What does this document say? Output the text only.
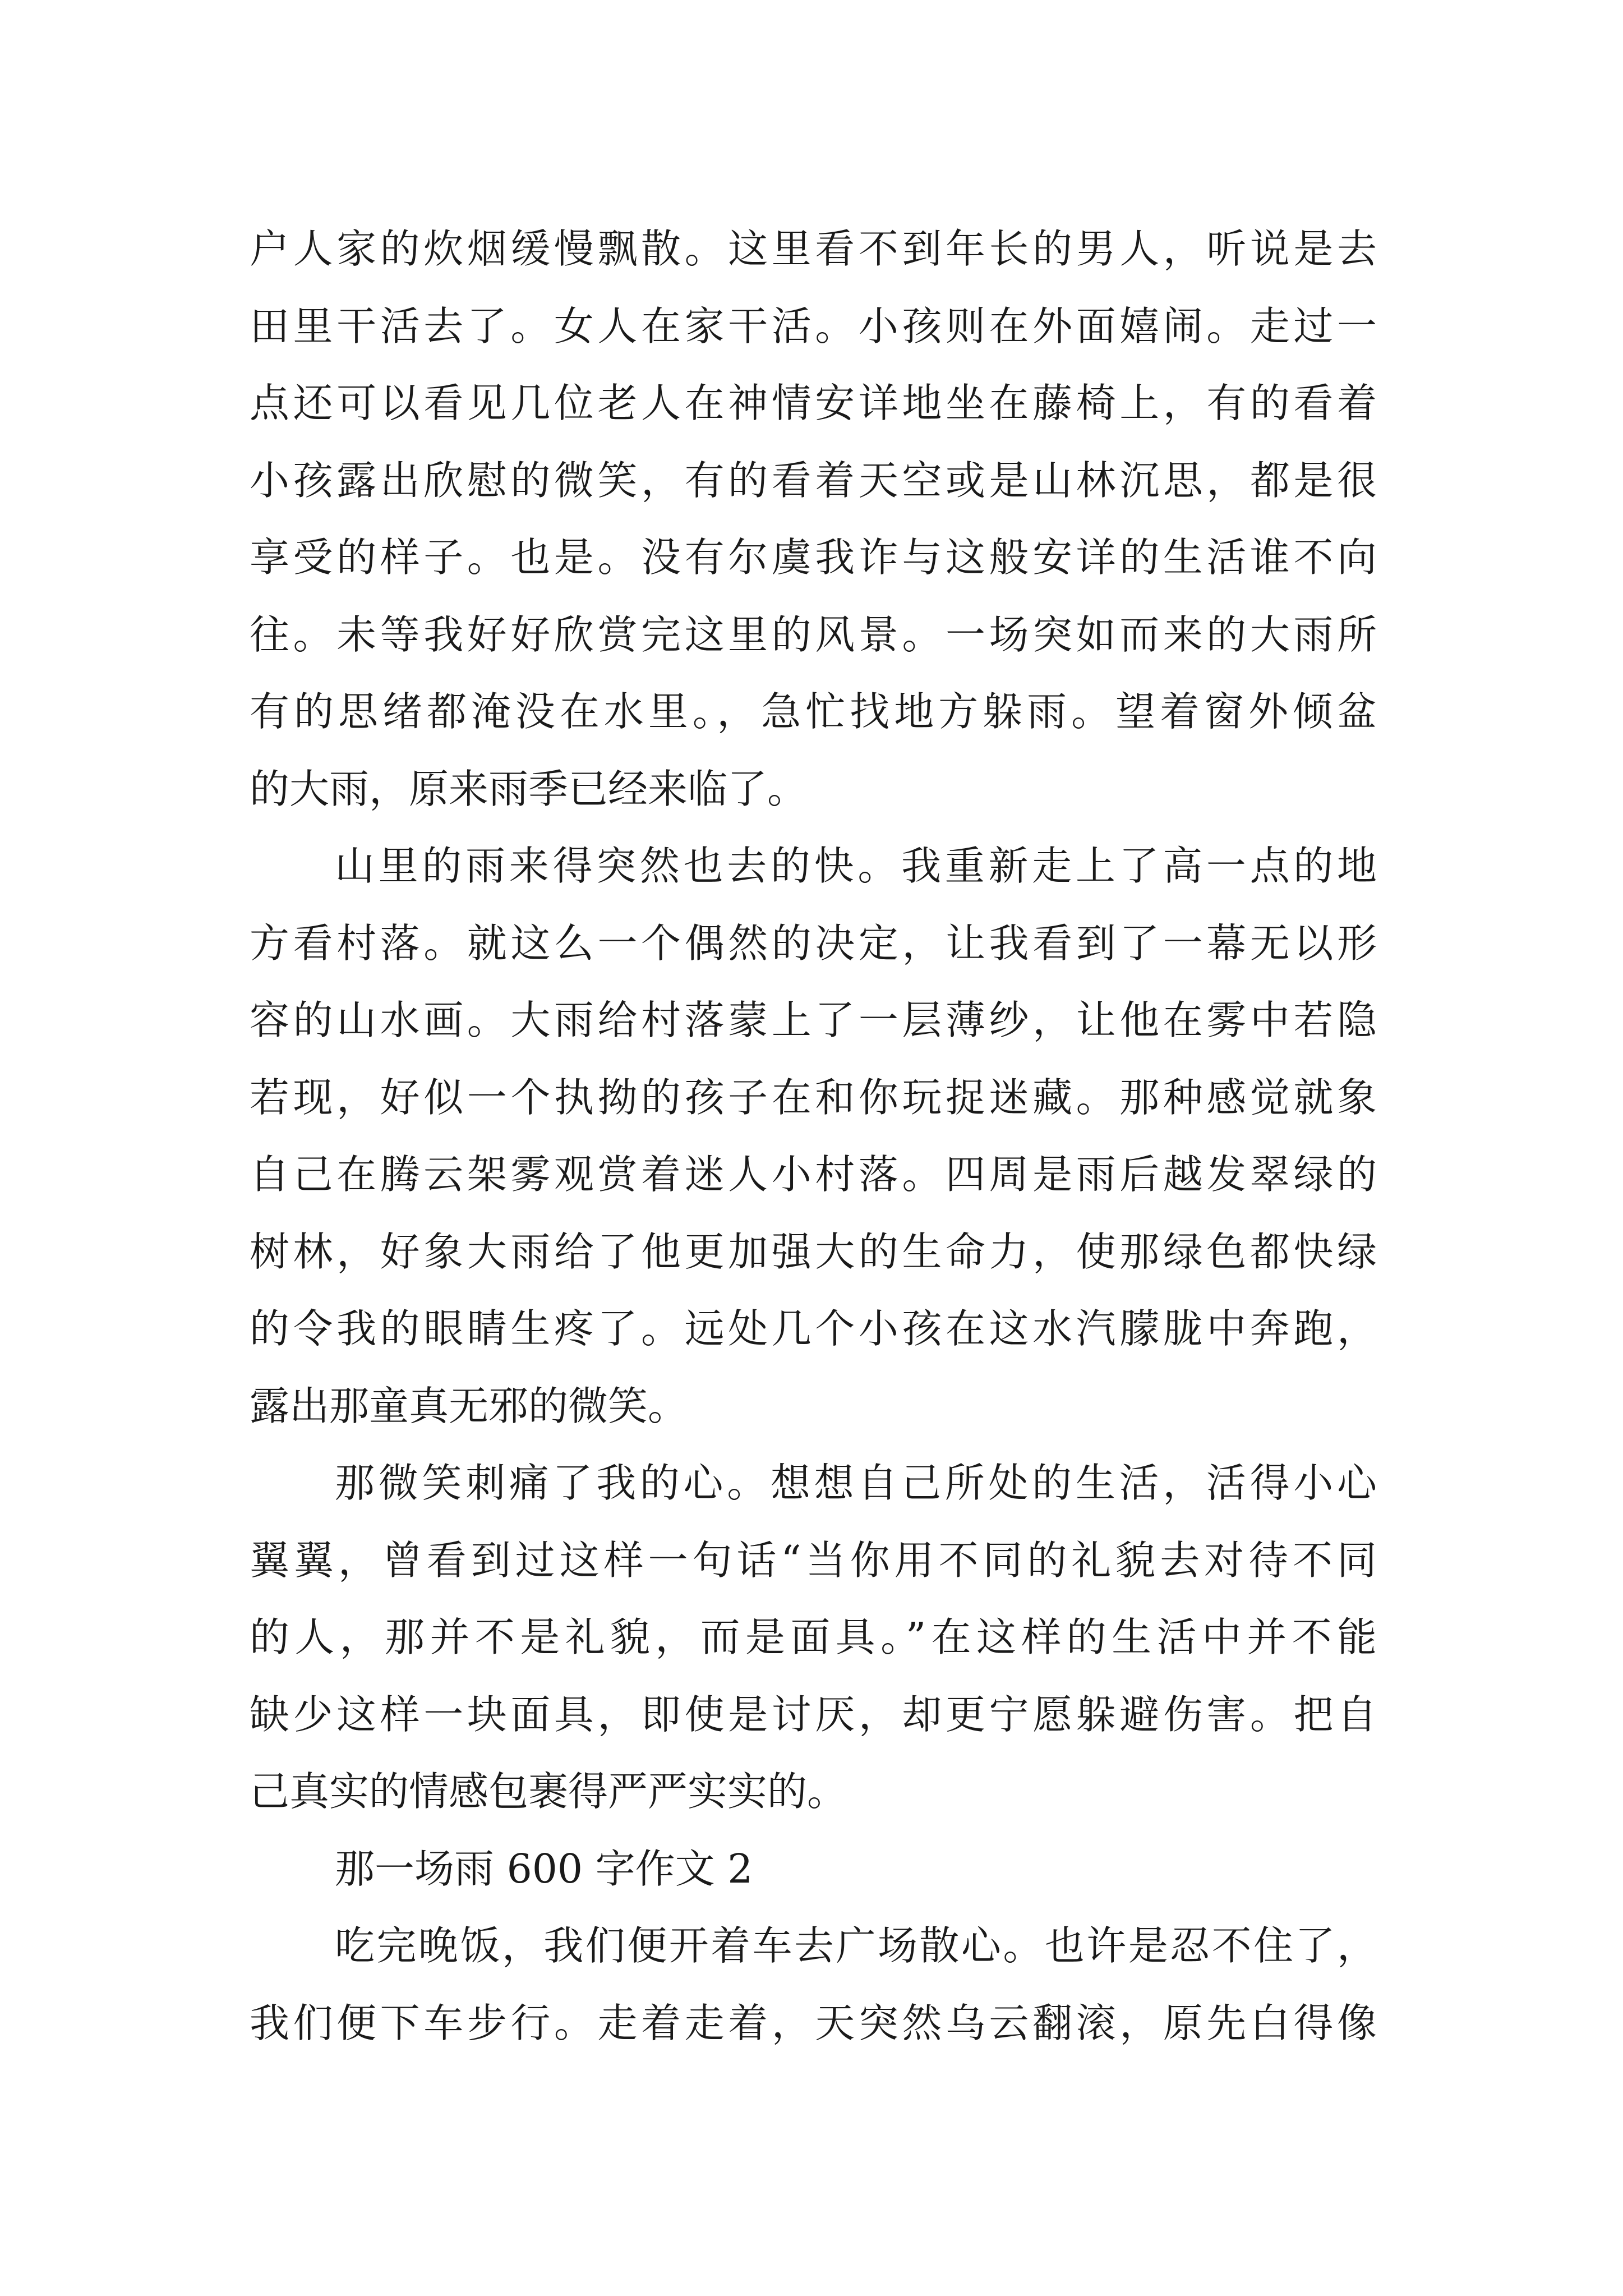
户人家的炊烟缓慢飘散。这里看不到年长的男人，听说是去
田里干活去了。女人在家干活。小孩则在外面嬉闹。走过一
点还可以看见几位老人在神情安详地坐在藤椅上，有的看着
小孩露出欣慰的微笑，有的看着天空或是山林沉思，都是很
享受的样子。也是。没有尔虞我诈与这般安详的生活谁不向
往。未等我好好欣赏完这里的风景。一场突如而来的大雨所
有的思绪都淹没在水里。，急忙找地方躲雨。望着窗外倾盆
的大雨，原来雨季已经来临了。
山里的雨来得突然也去的快。我重新走上了高一点的地
方看村落。就这么一个偶然的决定，让我看到了一幕无以形
容的山水画。大雨给村落蒙上了一层薄纱，让他在雾中若隐
若现，好似一个执拗的孩子在和你玩捉迷藏。那种感觉就象
自己在腾云架雾观赏着迷人小村落。四周是雨后越发翠绿的
树林，好象大雨给了他更加强大的生命力，使那绿色都快绿
的令我的眼睛生疼了。远处几个小孩在这水汽朦胧中奔跑，
露出那童真无邪的微笑。
那微笑刺痛了我的心。想想自己所处的生活，活得小心
翼翼，曾看到过这样一句话“当你用不同的礼貌去对待不同
的人，那并不是礼貌，而是面具。”在这样的生活中并不能
缺少这样一块面具，即使是讨厌，却更宁愿躲避伤害。把自
己真实的情感包裹得严严实实的。
那一场雨 600 字作文 2
吃完晚饭，我们便开着车去广场散心。也许是忍不住了，
我们便下车步行。走着走着，天突然乌云翻滚，原先白得像
